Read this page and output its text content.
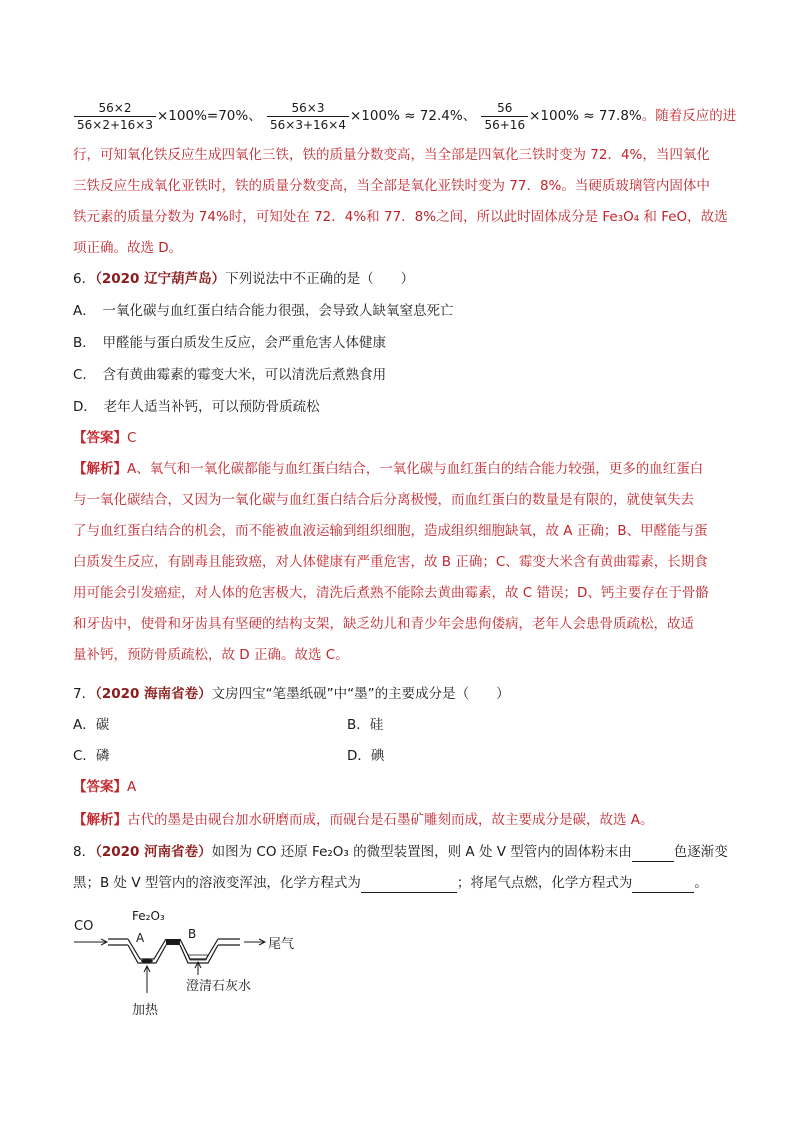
$\frac{56\times 2}{56\times 2+16\times 3} \times 100\%=70\%$、 $\frac{56\times 3}{56\times 3+16\times 4} \times 100\% \approx 72.4\%$、 $\frac{56}{56+16} \times 100\% \approx 77.8\%$。随着反应的进
行，可知氧化铁反应生成四氧化三铁，铁的质量分数变高，当全部是四氧化三铁时变为 72．4%，当四氧化
三铁反应生成氧化亚铁时，铁的质量分数变高，当全部是氧化亚铁时变为 77．8%。当硬质玻璃管内固体中
铁元素的质量分数为 74%时，可知处在 72．4%和 77．8%之间，所以此时固体成分是 Fe₃O₄ 和 FeO，故选
项正确。故选 D。
6．（2020 辽宁葫芦岛）下列说法中不正确的是（　　）
A．　一氧化碳与血红蛋白结合能力很强，会导致人缺氧窒息死亡
B．　甲醛能与蛋白质发生反应，会严重危害人体健康
C．　含有黄曲霉素的霉变大米，可以清洗后煮熟食用
D．　老年人适当补钙，可以预防骨质疏松
【答案】C
【解析】A、氧气和一氧化碳都能与血红蛋白结合，一氧化碳与血红蛋白的结合能力较强，更多的血红蛋白
与一氧化碳结合，又因为一氧化碳与血红蛋白结合后分离极慢，而血红蛋白的数量是有限的，就使氧失去
了与血红蛋白结合的机会，而不能被血液运输到组织细胞，造成组织细胞缺氧，故 A 正确；B、甲醛能与蛋
白质发生反应，有剧毒且能致癌，对人体健康有严重危害，故 B 正确；C、霉变大米含有黄曲霉素，长期食
用可能会引发癌症，对人体的危害极大，清洗后煮熟不能除去黄曲霉素，故 C 错误；D、钙主要存在于骨骼
和牙齿中，使骨和牙齿具有坚硬的结构支架，缺乏幼儿和青少年会患佝偻病，老年人会患骨质疏松，故适
量补钙，预防骨质疏松，故 D 正确。故选 C。
7．（2020 海南省卷）文房四宝“笔墨纸砚”中“墨”的主要成分是（　　）
A．碳	B．硅
C．磷	D．碘
【答案】A
【解析】古代的墨是由砚台加水研磨而成，而砚台是石墨矿雕刻而成，故主要成分是碳，故选 A。
8．（2020 河南省卷）如图为 CO 还原 Fe₂O₃ 的微型装置图，则 A 处 V 型管内的固体粉末由	色逐渐变
黑；B 处 V 型管内的溶液变浑浊，化学方程式为	；将尾气点燃，化学方程式为	。
CO
Fe₂O₃
A	B
尾气
澄清石灰水
加热
